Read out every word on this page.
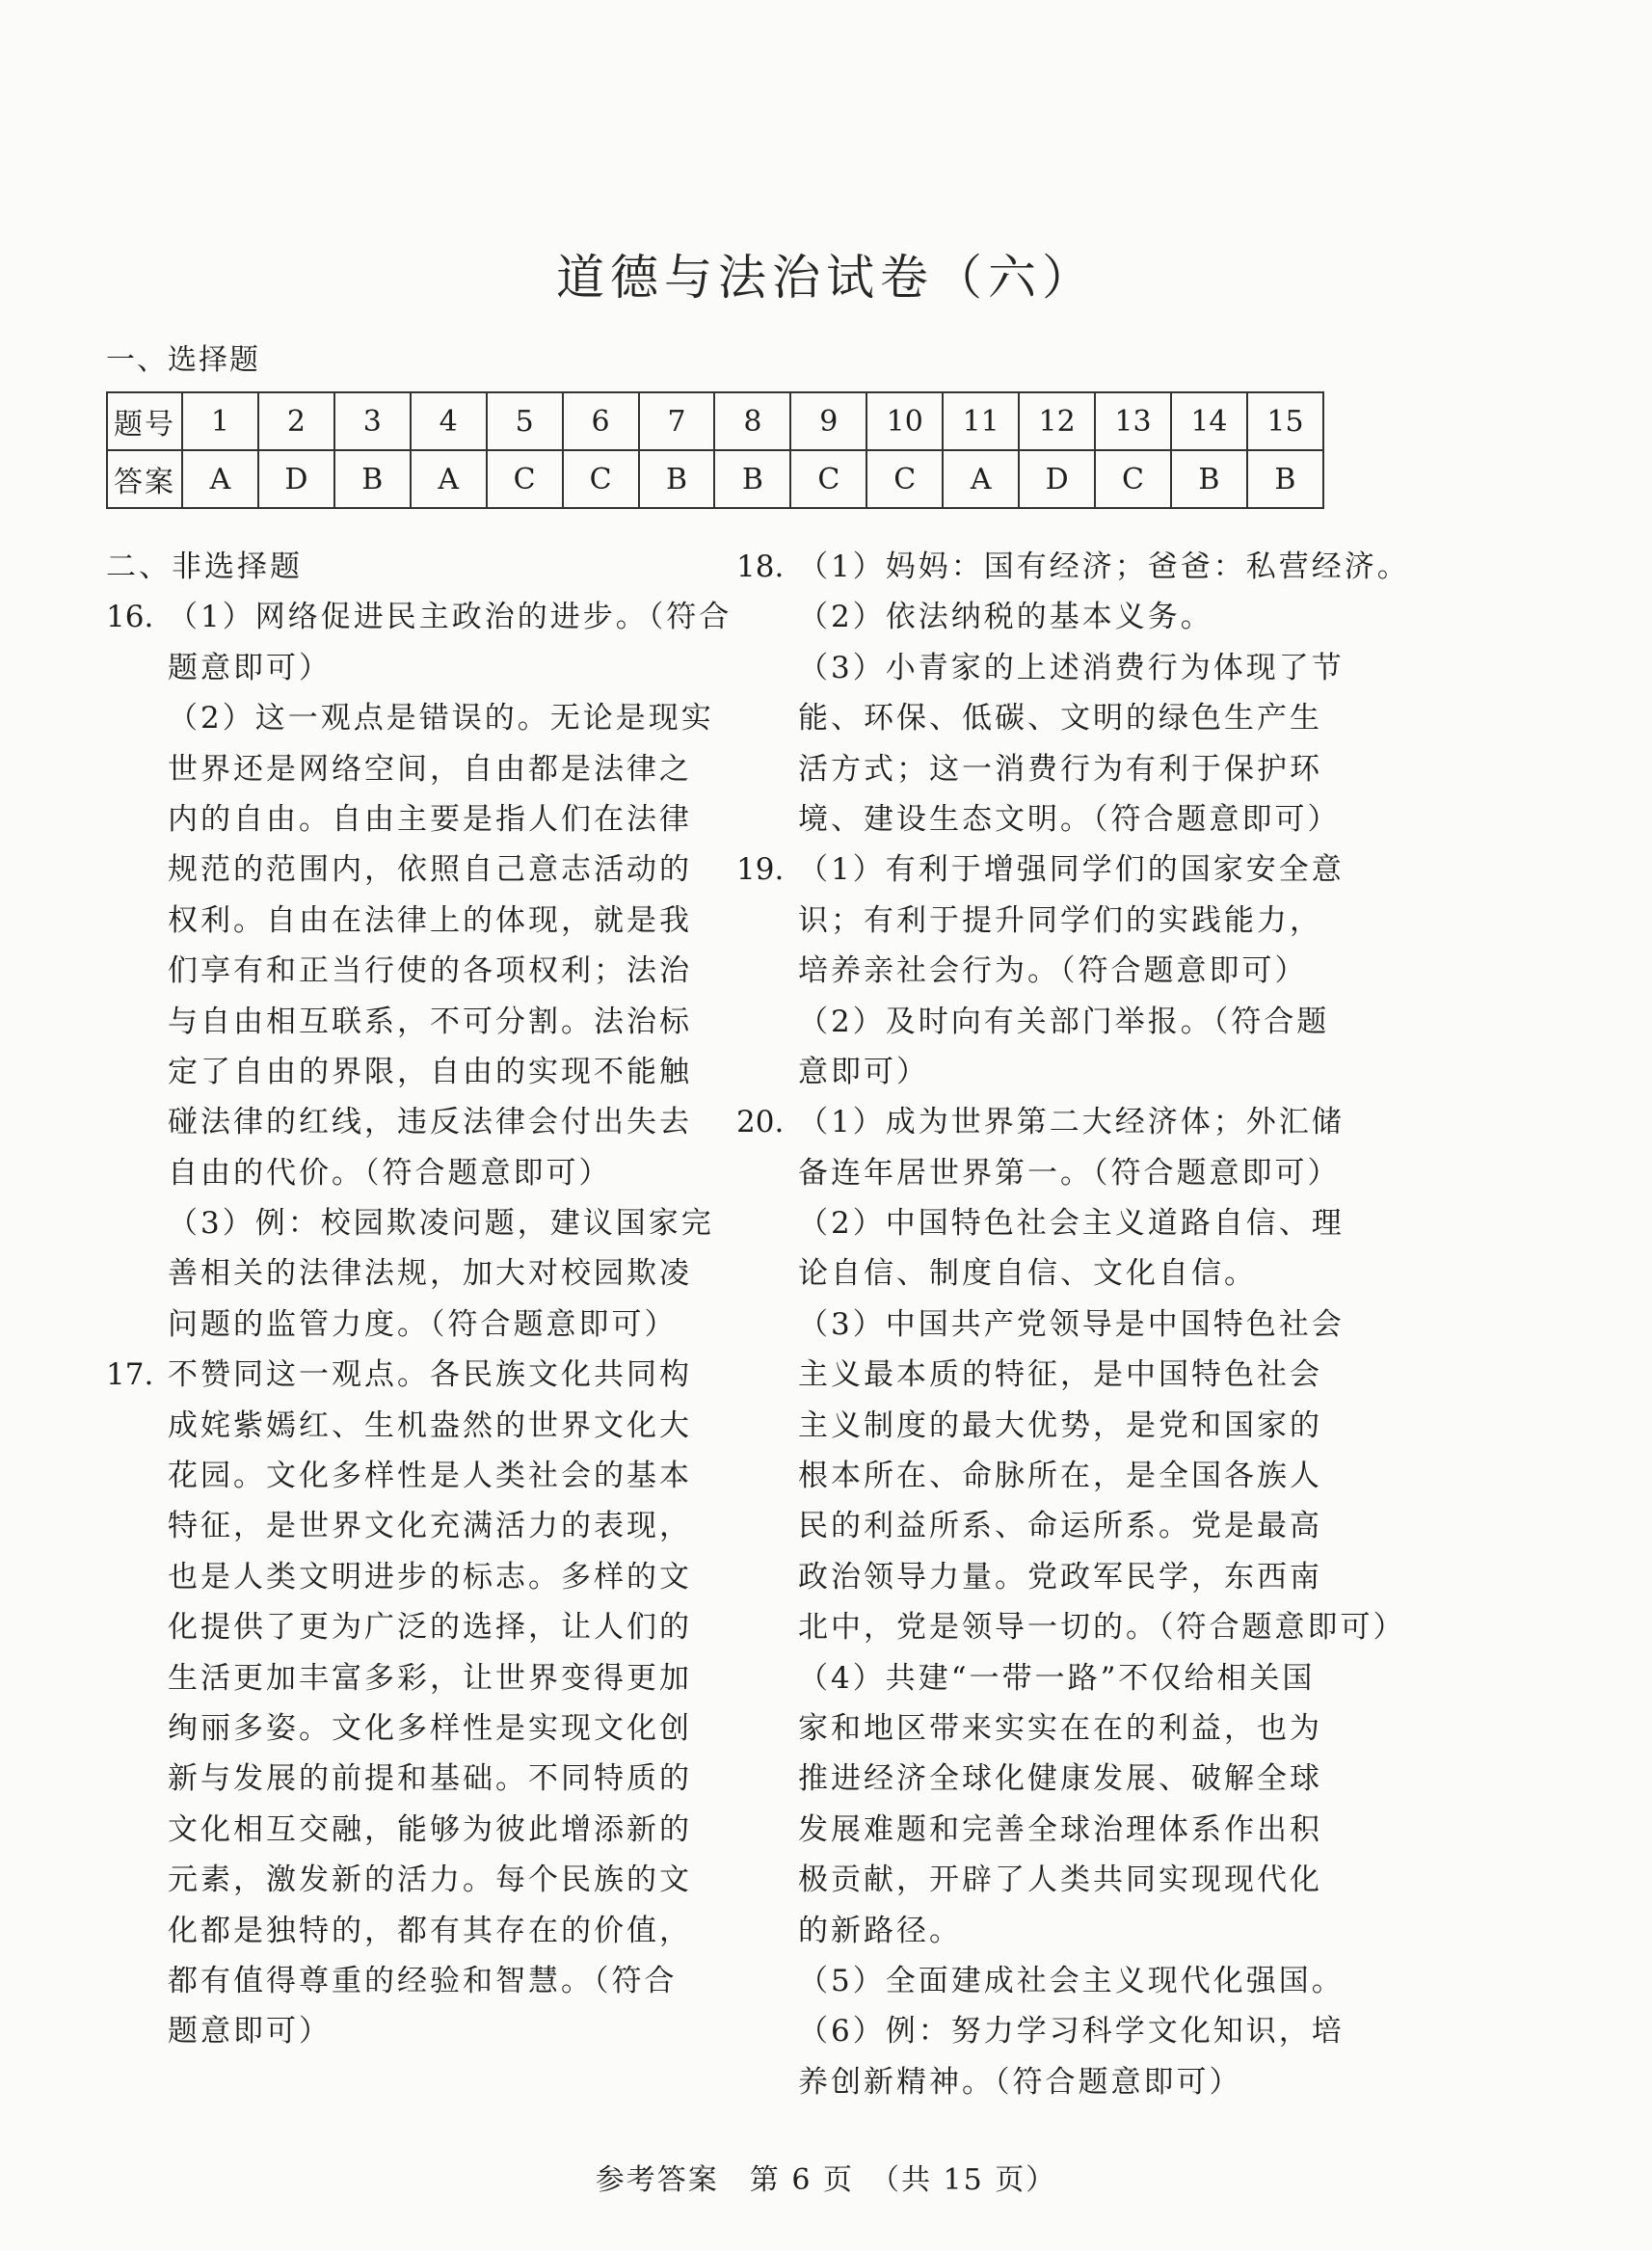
道德与法治试卷（六）
一、选择题
题号	1	2	3	4	5	6	7	8	9	10	11	12	13	14	15
答案	A	D	B	A	C	C	B	B	C	C	A	D	C	B	B
二、非选择题
16. （1）网络促进民主政治的进步。（符合
题意即可）
（2）这一观点是错误的。无论是现实
世界还是网络空间，自由都是法律之
内的自由。自由主要是指人们在法律
规范的范围内，依照自己意志活动的
权利。自由在法律上的体现，就是我
们享有和正当行使的各项权利；法治
与自由相互联系，不可分割。法治标
定了自由的界限，自由的实现不能触
碰法律的红线，违反法律会付出失去
自由的代价。（符合题意即可）
（3）例：校园欺凌问题，建议国家完
善相关的法律法规，加大对校园欺凌
问题的监管力度。（符合题意即可）
17. 不赞同这一观点。各民族文化共同构
成姹紫嫣红、生机盎然的世界文化大
花园。文化多样性是人类社会的基本
特征，是世界文化充满活力的表现，
也是人类文明进步的标志。多样的文
化提供了更为广泛的选择，让人们的
生活更加丰富多彩，让世界变得更加
绚丽多姿。文化多样性是实现文化创
新与发展的前提和基础。不同特质的
文化相互交融，能够为彼此增添新的
元素，激发新的活力。每个民族的文
化都是独特的，都有其存在的价值，
都有值得尊重的经验和智慧。（符合
题意即可）
18. （1）妈妈：国有经济；爸爸：私营经济。
（2）依法纳税的基本义务。
（3）小青家的上述消费行为体现了节
能、环保、低碳、文明的绿色生产生
活方式；这一消费行为有利于保护环
境、建设生态文明。（符合题意即可）
19. （1）有利于增强同学们的国家安全意
识；有利于提升同学们的实践能力，
培养亲社会行为。（符合题意即可）
（2）及时向有关部门举报。（符合题
意即可）
20. （1）成为世界第二大经济体；外汇储
备连年居世界第一。（符合题意即可）
（2）中国特色社会主义道路自信、理
论自信、制度自信、文化自信。
（3）中国共产党领导是中国特色社会
主义最本质的特征，是中国特色社会
主义制度的最大优势，是党和国家的
根本所在、命脉所在，是全国各族人
民的利益所系、命运所系。党是最高
政治领导力量。党政军民学，东西南
北中，党是领导一切的。（符合题意即可）
（4）共建“一带一路”不仅给相关国
家和地区带来实实在在的利益，也为
推进经济全球化健康发展、破解全球
发展难题和完善全球治理体系作出积
极贡献，开辟了人类共同实现现代化
的新路径。
（5）全面建成社会主义现代化强国。
（6）例：努力学习科学文化知识，培
养创新精神。（符合题意即可）
参考答案　第 6 页　（共 15 页）
